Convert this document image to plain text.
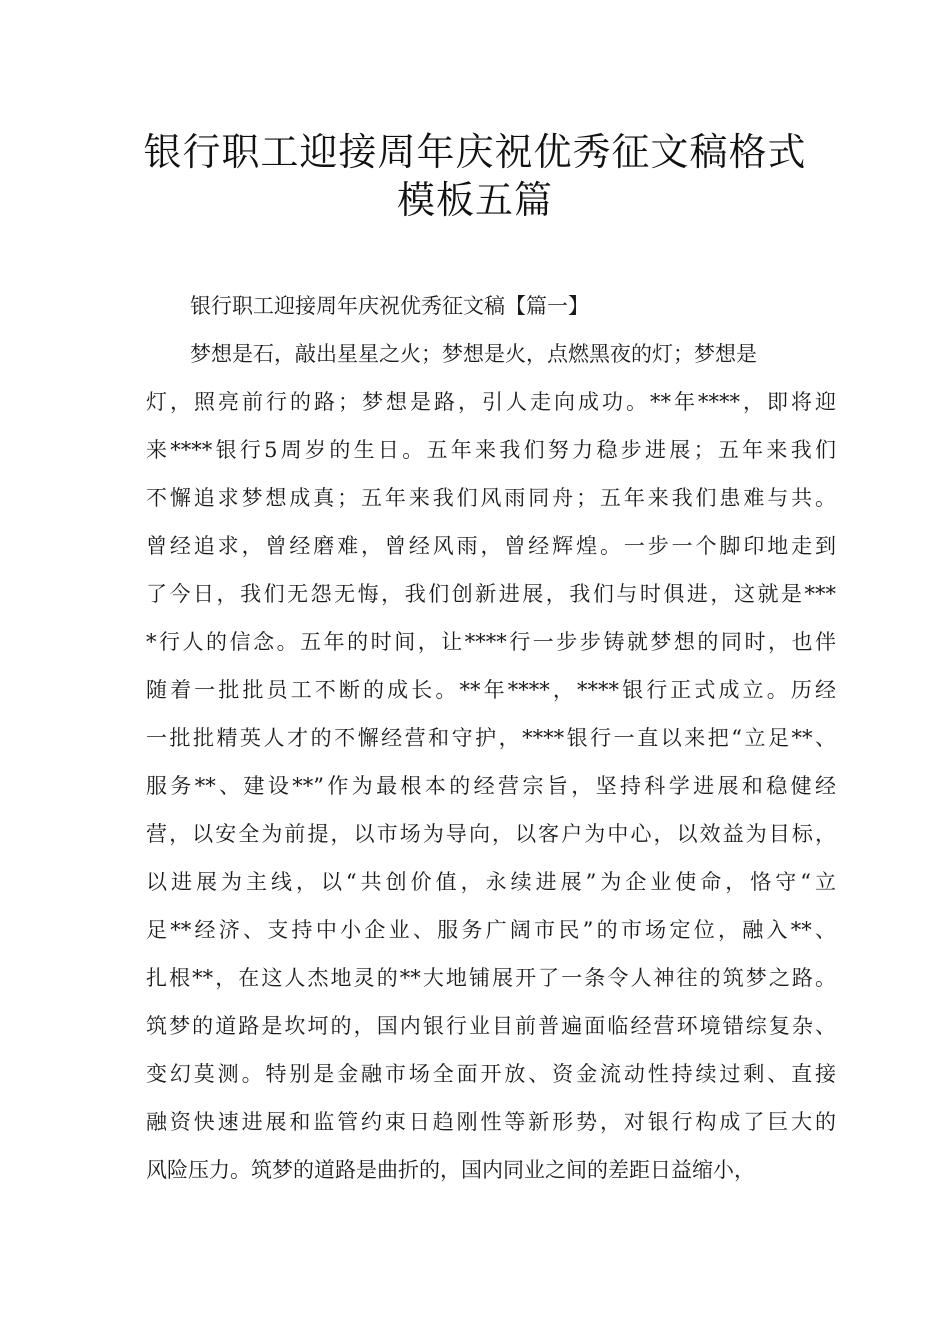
银行职工迎接周年庆祝优秀征文稿格式
模板五篇
银行职工迎接周年庆祝优秀征文稿【篇一】
梦想是石，敲出星星之火；梦想是火，点燃黑夜的灯；梦想是
灯，照亮前行的路；梦想是路，引人走向成功。**年****，即将迎
来****银行5周岁的生日。五年来我们努力稳步进展；五年来我们
不懈追求梦想成真；五年来我们风雨同舟；五年来我们患难与共。
曾经追求，曾经磨难，曾经风雨，曾经辉煌。一步一个脚印地走到
了今日，我们无怨无悔，我们创新进展，我们与时俱进，这就是***
*行人的信念。五年的时间，让****行一步步铸就梦想的同时，也伴
随着一批批员工不断的成长。**年****，****银行正式成立。历经
一批批精英人才的不懈经营和守护，****银行一直以来把“立足**、
服务**、建设**”作为最根本的经营宗旨，坚持科学进展和稳健经
营，以安全为前提，以市场为导向，以客户为中心，以效益为目标，
以进展为主线，以“共创价值，永续进展”为企业使命，恪守“立
足**经济、支持中小企业、服务广阔市民”的市场定位，融入**、
扎根**，在这人杰地灵的**大地铺展开了一条令人神往的筑梦之路。
筑梦的道路是坎坷的，国内银行业目前普遍面临经营环境错综复杂、
变幻莫测。特别是金融市场全面开放、资金流动性持续过剩、直接
融资快速进展和监管约束日趋刚性等新形势，对银行构成了巨大的
风险压力。筑梦的道路是曲折的，国内同业之间的差距日益缩小，
